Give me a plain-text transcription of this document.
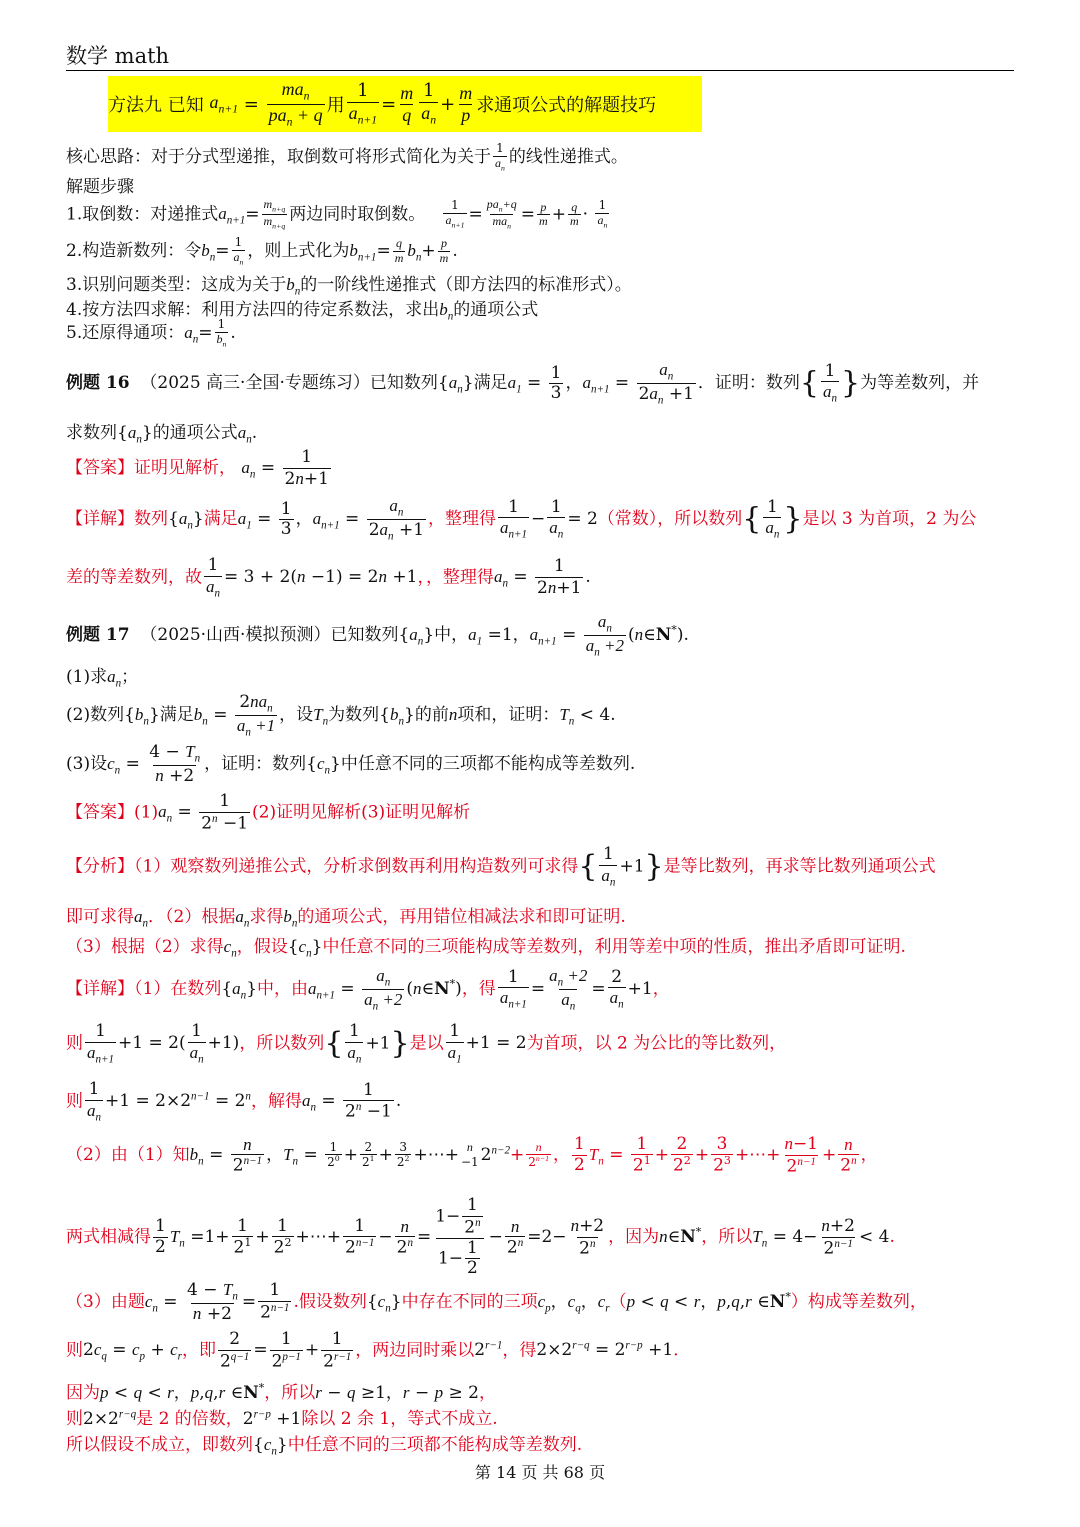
数学 math
方法九 已知
$a_{n+1}$ =
$ma_n$
$pa_n + q$ 用
1
$a_{n+1}$
=
m
q
1
$a_n$
+
m
p 求通项公式的解题技巧
核心思路：对于分式型递推，取倒数可将形式简化为关于 $\frac{1}{a_n}$ 的线性递推式。
解题步骤
1.取倒数：对递推式$a_{n+1}= \frac{m_{n+q}}{m_{n+q}}$ 两边同时取倒数。 $\frac{1}{a_{n+1}}$ =
$pa_n+q$
$ma_n$
= $\frac{p}{m} + \frac{q}{m} \cdot \frac{1}{a_n}$
2.构造新数列：令$b_n= \frac{1}{a_n}$ ，则上式化为$b_{n+1}= \frac{q}{m} b_n+ \frac{p}{m}$ .
3.识别问题类型：这成为关于$b_n$的一阶线性递推式（即方法四的标准形式）。
4.按方法四求解：利用方法四的待定系数法，求出$b_n$的通项公式
5.还原得通项：$a_n= \frac{1}{b_n}$ .
例题 16 （2025 高三·全国·专题练习）已知数列$\{a_n\}$满足$a_1 = \frac{1}{3}$ ，$a_{n+1} = \frac{a_n}{2a_n +1}$ ．证明：数列{ $\frac{1}{a_n}$ }为等差数列，并
求数列$\{a_n\}$的通项公式$a_n$.
【答案】证明见解析， $a_n = \frac{1}{2n+1}$
【详解】数列$\{a_n\}$满足$a_1 = \frac{1}{3}$ ，$a_{n+1} = \frac{a_n}{2a_n +1}$ ，整理得 $\frac{1}{a_{n+1}} - \frac{1}{a_n} = 2$（常数），所以数列{ $\frac{1}{a_n}$ }是以 3 为首项，2 为公
差的等差数列，故 $\frac{1}{a_n} = 3 + 2(n -1) = 2n +1$，，整理得$a_n = \frac{1}{2n+1}$ .
例题 17 （2025·山西·模拟预测）已知数列$\{a_n\}$中，$a_1 =1$，$a_{n+1} = \frac{a_n}{a_n +2}$ (n∈N*).
(1)求$a_n$；
(2)数列$\{b_n\}$满足$b_n$ =
$2na_n$
$a_n +1$
，设$T_n$为数列$\{b_n\}$的前n项和，证明：$T_n < 4$.
(3)设$c_n = \frac{4 - T_n}{n +2}$ ，证明：数列$\{c_n\}$中任意不同的三项都不能构成等差数列.
【答案】$(1)a_n = \frac{1}{2^n -1} (2)$证明见解析(3)证明见解析
【分析】（1）观察数列递推公式，分析求倒数再利用构造数列可求得{ $\frac{1}{a_n} +1$}是等比数列，再求等比数列通项公式
即可求得$a_n$．（2）根据$a_n$求得$b_n$的通项公式，再用错位相减法求和即可证明.
（3）根据（2）求得$c_n$，假设$\{c_n\}$中任意不同的三项能构成等差数列，利用等差中项的性质，推出矛盾即可证明.
【详解】（1）在数列$\{a_n\}$中，由$a_{n+1} = \frac{a_n}{a_n +2}$ (n∈N*)，得 $\frac{1}{a_{n+1}} = \frac{a_n +2}{a_n} = \frac{2}{a_n} +1$，
则 $\frac{1}{a_{n+1}} +1 = 2( \frac{1}{a_n} +1)$，所以数列{ $\frac{1}{a_n} +1$}是以 $\frac{1}{a_1} +1 = 2$为首项，以 2 为公比的等比数列，
则 $\frac{1}{a_n} +1 = 2\times 2^{n-1} = 2^n$，解得$a_n = \frac{1}{2^n -1}$ .
（2）由（1）知$b_n = \frac{n}{2^{n-1}}$ ，$T_n = \frac{1}{2^0} + \frac{2}{2^1} + \frac{3}{2^2}$ +⋯+ n
−1 $2^{n-2}+ \frac{n}{2^{n-1}}$ ， $\frac{1}{2} T_n = \frac{1}{2^1} + \frac{2}{2^2} + \frac{3}{2^3}$ +⋯+ $\frac{n-1}{2^{n-1}} + \frac{n}{2^n}$ ，
两式相减得 $\frac{1}{2} T_n =1+ \frac{1}{2^1} + \frac{1}{2^2}$ +⋯+ $\frac{1}{2^{n-1}} - \frac{n}{2^n} = \frac{1- \frac{1}{2^n}}{1- \frac{1}{2}} - \frac{n}{2^n} =2- \frac{n+2}{2^n}$ ，因为n∈N*，所以$T_n = 4- \frac{n+2}{2^{n-1}} < 4$.
（3）由题$c_n = \frac{4 - T_n}{n +2} = \frac{1}{2^{n-1}}$ .假设数列$\{c_n\}$中存在不同的三项$c_p$，$c_q$，$c_r(p < q < r$，p,q,r ∈N*）构成等差数列，
则$2c_q = c_p + c_r$，即 $\frac{2}{2^{q-1}} = \frac{1}{2^{p-1}} + \frac{1}{2^{r-1}}$ ，两边同时乘以$2^{r-1}$，得$2\times 2^{r-q} = 2^{r-p} +1$.
因为p < q < r，p,q,r ∈N*，所以r − q ≥1，r − p ≥ 2，
则$2\times 2^{r-q}$是 2 的倍数，$2^{r-p} +1$除以 2 余 1，等式不成立.
所以假设不成立，即数列$\{c_n\}$中任意不同的三项都不能构成等差数列.
第 14 页 共 68 页
